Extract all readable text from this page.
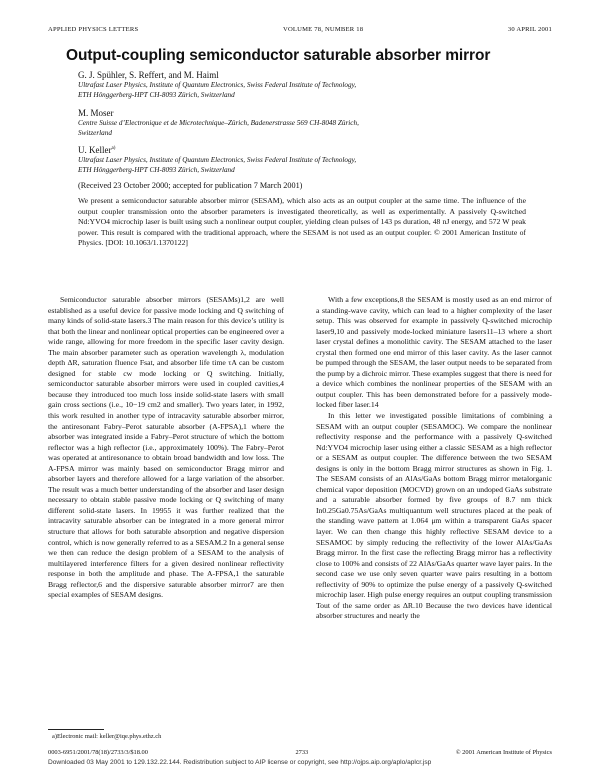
APPLIED PHYSICS LETTERS	VOLUME 78, NUMBER 18	30 APRIL 2001
Output-coupling semiconductor saturable absorber mirror
G. J. Spühler, S. Reffert, and M. Haiml
Ultrafast Laser Physics, Institute of Quantum Electronics, Swiss Federal Institute of Technology,
ETH Hönggerberg-HPT CH-8093 Zürich, Switzerland
M. Moser
Centre Suisse d’Electronique et de Microtechnique–Zürich, Badenerstrasse 569 CH-8048 Zürich,
Switzerland
U. Keller$^{a)}$
Ultrafast Laser Physics, Institute of Quantum Electronics, Swiss Federal Institute of Technology,
ETH Hönggerberg-HPT CH-8093 Zürich, Switzerland
(Received 23 October 2000; accepted for publication 7 March 2001)
We present a semiconductor saturable absorber mirror (SESAM), which also acts as an output coupler at the same time. The influence of the output coupler transmission onto the absorber parameters is investigated theoretically, as well as experimentally. A passively Q-switched Nd:YVO4 microchip laser is built using such a nonlinear output coupler, yielding clean pulses of 143 ps duration, 48 nJ energy, and 572 W peak power. This result is compared with the traditional approach, where the SESAM is not used as an output coupler. © 2001 American Institute of Physics. [DOI: 10.1063/1.1370122]

Semiconductor saturable absorber mirrors (SESAMs)1,2 are well established as a useful device for passive mode locking and Q switching of many kinds of solid-state lasers.3 The main reason for this device’s utility is that both the linear and nonlinear optical properties can be engineered over a wide range, allowing for more freedom in the specific laser cavity design. The main absorber parameter such as operation wavelength λ, modulation depth ΔR, saturation fluence Fsat, and absorber life time τA can be custom designed for stable cw mode locking or Q switching. Initially, semiconductor saturable absorber mirrors were used in coupled cavities,4 because they introduced too much loss inside solid-state lasers with small gain cross sections (i.e., 10−19 cm2 and smaller). Two years later, in 1992, this work resulted in another type of intracavity saturable absorber mirror, the antiresonant Fabry–Perot saturable absorber (A-FPSA),1 where the absorber was integrated inside a Fabry–Perot structure of which the bottom reflector was a high reflector (i.e., approximately 100%). The Fabry–Perot was operated at antiresonance to obtain broad bandwidth and low loss. The A-FPSA mirror was mainly based on semiconductor Bragg mirror and absorber layers and therefore allowed for a large variation of the absorber. The result was a much better understanding of the absorber and laser design necessary to obtain stable passive mode locking or Q switching of many different solid-state lasers. In 19955 it was further realized that the intracavity saturable absorber can be integrated in a more general mirror structure that allows for both saturable absorption and negative dispersion control, which is now generally referred to as a SESAM.2 In a general sense we then can reduce the design problem of a SESAM to the analysis of multilayered interference filters for a given desired nonlinear reflectivity response in both the amplitude and phase. The A-FPSA,1 the saturable Bragg reflector,6 and the dispersive saturable absorber mirror7 are then special examples of SESAM designs.

With a few exceptions,8 the SESAM is mostly used as an end mirror of a standing-wave cavity, which can lead to a higher complexity of the laser setup. This was observed for example in passively Q-switched microchip laser9,10 and passively mode-locked miniature lasers11–13 where a short laser crystal defines a monolithic cavity. The SESAM attached to the laser crystal then formed one end mirror of this laser cavity. As the laser cannot be pumped through the SESAM, the laser output needs to be separated from the pump by a dichroic mirror. These examples suggest that there is need for a device which combines the nonlinear properties of the SESAM with an output coupler. This has been demonstrated before for a passively mode-locked fiber laser.14

In this letter we investigated possible limitations of combining a SESAM with an output coupler (SESAMOC). We compare the nonlinear reflectivity response and the performance with a passively Q-switched Nd:YVO4 microchip laser using either a classic SESAM as a high reflector or a SESAM as output coupler. The difference between the two SESAM designs is only in the bottom Bragg mirror structures as shown in Fig. 1. The SESAM consists of an AlAs/GaAs bottom Bragg mirror metalorganic chemical vapor deposition (MOCVD) grown on an undoped GaAs substrate and a saturable absorber formed by five groups of 8.7 nm thick In0.25Ga0.75As/GaAs multiquantum well structures placed at the peak of the standing wave pattern at 1.064 μm within a transparent GaAs spacer layer. We can then change this highly reflective SESAM device to a SESAMOC by simply reducing the reflectivity of the lower AlAs/GaAs Bragg mirror. In the first case the reflecting Bragg mirror has a reflectivity close to 100% and consists of 22 AlAs/GaAs quarter wave layer pairs. In the second case we use only seven quarter wave pairs resulting in a bottom reflectivity of 90% to optimize the pulse energy of a passively Q-switched microchip laser. High pulse energy requires an output coupling transmission Tout of the same order as ΔR.10 Because the two devices have identical absorber structures and nearly the

a)Electronic mail: keller@iqe.phys.ethz.ch
0003-6951/2001/78(18)/2733/3/$18.00	2733	© 2001 American Institute of Physics
Downloaded 03 May 2001 to 129.132.22.144. Redistribution subject to AIP license or copyright, see http://ojps.aip.org/aplo/aplcr.jsp
